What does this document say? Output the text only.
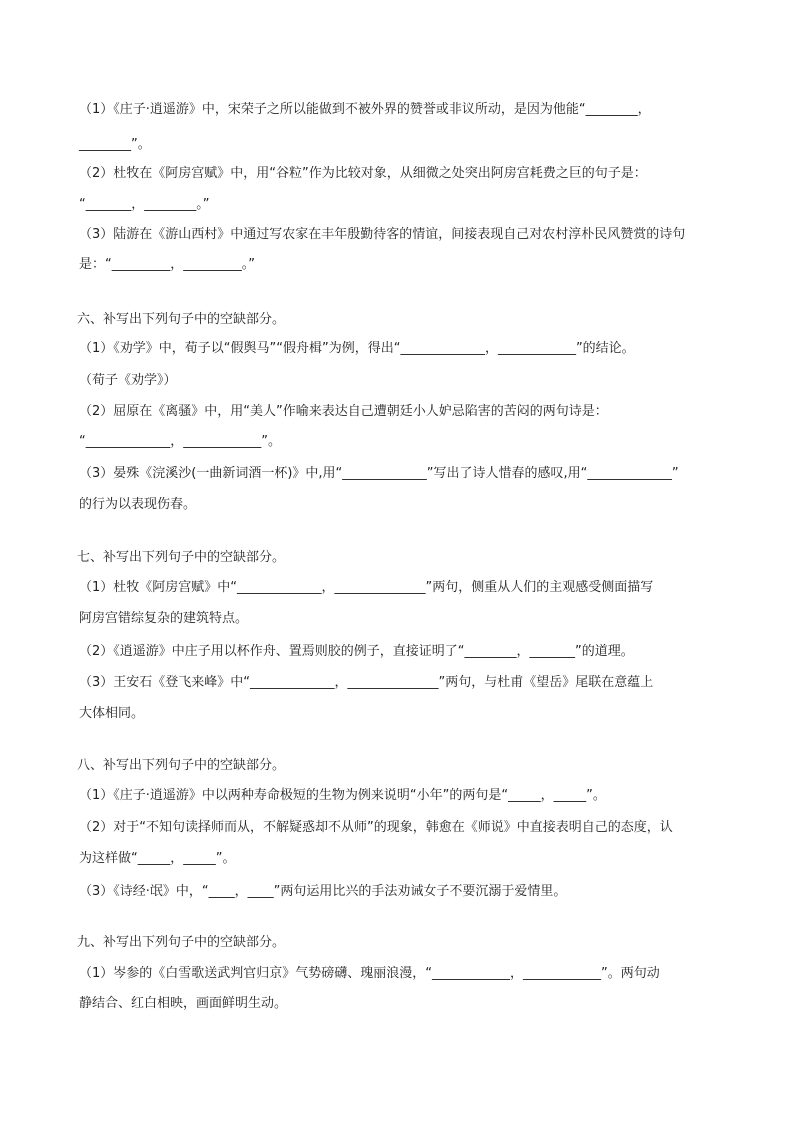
（1）《庄子·逍遥游》中，宋荣子之所以能做到不被外界的赞誉或非议所动，是因为他能“________，
________”。
（2）杜牧在《阿房宫赋》中，用“谷粒”作为比较对象，从细微之处突出阿房宫耗费之巨的句子是：
“_______，________。”
（3）陆游在《游山西村》中通过写农家在丰年殷勤待客的情谊，间接表现自己对农村淳朴民风赞赏的诗句
是：“_________，_________。”
六、补写出下列句子中的空缺部分。
（1）《劝学》中，荀子以“假舆马”“假舟楫”为例，得出“_____________，____________”的结论。
（荀子《劝学》）
（2）屈原在《离骚》中，用“美人”作喻来表达自己遭朝廷小人妒忌陷害的苦闷的两句诗是：
“_____________，____________”。
（3）晏殊《浣溪沙(一曲新词酒一杯)》中,用“_____________”写出了诗人惜春的感叹,用“_____________”
的行为以表现伤春。
七、补写出下列句子中的空缺部分。
（1）杜牧《阿房宫赋》中“_____________，______________”两句，侧重从人们的主观感受侧面描写
阿房宫错综复杂的建筑特点。
（2）《逍遥游》中庄子用以杯作舟、置焉则胶的例子，直接证明了“________，_______”的道理。
（3）王安石《登飞来峰》中“_____________，______________”两句，与杜甫《望岳》尾联在意蕴上
大体相同。
八、补写出下列句子中的空缺部分。
（1）《庄子·逍遥游》中以两种寿命极短的生物为例来说明“小年”的两句是“_____，_____”。
（2）对于“不知句读择师而从，不解疑惑却不从师”的现象，韩愈在《师说》中直接表明自己的态度，认
为这样做“_____，_____”。
（3）《诗经·氓》中，“____，____”两句运用比兴的手法劝诫女子不要沉溺于爱情里。
九、补写出下列句子中的空缺部分。
（1）岑参的《白雪歌送武判官归京》气势磅礴、瑰丽浪漫，“____________，____________”。两句动
静结合、红白相映，画面鲜明生动。
